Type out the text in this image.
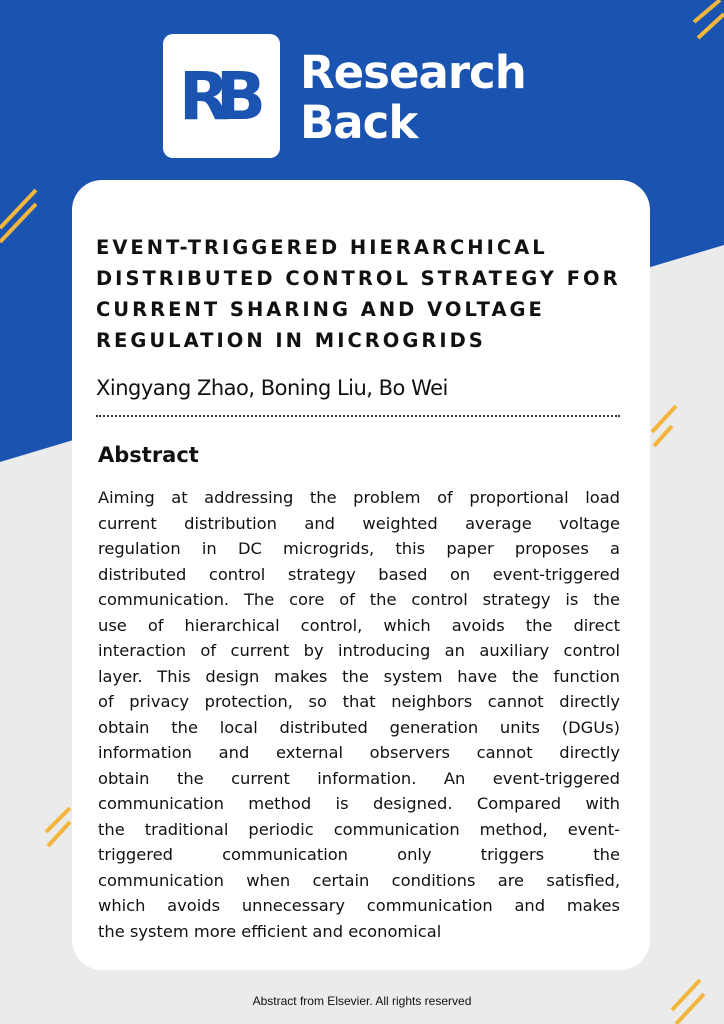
RB Research
Back
EVENT-TRIGGERED HIERARCHICAL
DISTRIBUTED CONTROL STRATEGY FOR
CURRENT SHARING AND VOLTAGE
REGULATION IN MICROGRIDS
Xingyang Zhao, Boning Liu, Bo Wei
Abstract
Aiming at addressing the problem of proportional load
current distribution and weighted average voltage
regulation in DC microgrids, this paper proposes a
distributed control strategy based on event-triggered
communication. The core of the control strategy is the
use of hierarchical control, which avoids the direct
interaction of current by introducing an auxiliary control
layer. This design makes the system have the function
of privacy protection, so that neighbors cannot directly
obtain the local distributed generation units (DGUs)
information and external observers cannot directly
obtain the current information. An event-triggered
communication method is designed. Compared with
the traditional periodic communication method, event-
triggered communication only triggers the
communication when certain conditions are satisfied,
which avoids unnecessary communication and makes
the system more efficient and economical
Abstract from Elsevier. All rights reserved
